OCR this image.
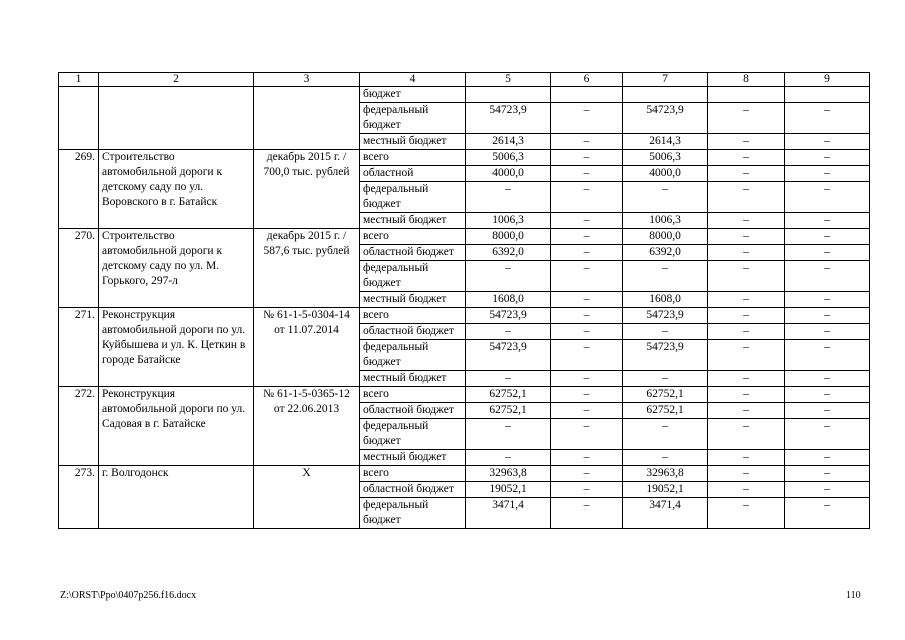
1	2	3	4	5	6	7	8	9
			бюджет					
			федеральный бюджет	54723,9	–	54723,9	–	–
			местный бюджет	2614,3	–	2614,3	–	–
269.	Строительство автомобильной дороги к детскому саду по ул. Воровского в г. Батайск	декабрь 2015 г. / 700,0 тыс. рублей	всего	5006,3	–	5006,3	–	–
			областной	4000,0	–	4000,0	–	–
			федеральный бюджет	–	–	–	–	–
			местный бюджет	1006,3	–	1006,3	–	–
270.	Строительство автомобильной дороги к детскому саду по ул. М. Горького, 297-л	декабрь 2015 г. / 587,6 тыс. рублей	всего	8000,0	–	8000,0	–	–
			областной бюджет	6392,0	–	6392,0	–	–
			федеральный бюджет	–	–	–	–	–
			местный бюджет	1608,0	–	1608,0	–	–
271.	Реконструкция автомобильной дороги по ул. Куйбышева и ул. К. Цеткин в городе Батайске	№ 61-1-5-0304-14 от 11.07.2014	всего	54723,9	–	54723,9	–	–
			областной бюджет	–	–	–	–	–
			федеральный бюджет	54723,9	–	54723,9	–	–
			местный бюджет	–	–	–	–	–
272.	Реконструкция автомобильной дороги по ул. Садовая в г. Батайске	№ 61-1-5-0365-12 от 22.06.2013	всего	62752,1	–	62752,1	–	–
			областной бюджет	62752,1	–	62752,1	–	–
			федеральный бюджет	–	–	–	–	–
			местный бюджет	–	–	–	–	–
273.	г. Волгодонск	X	всего	32963,8	–	32963,8	–	–
			областной бюджет	19052,1	–	19052,1	–	–
			федеральный бюджет	3471,4	–	3471,4	–	–
Z:\ORST\Ppo\0407p256.f16.docx	110
